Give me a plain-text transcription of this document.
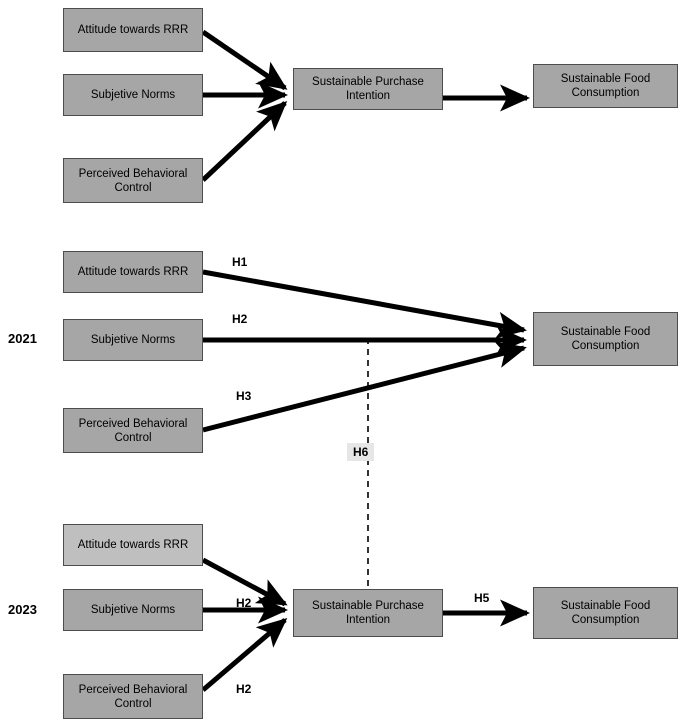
Attitude towards RRR
Subjetive Norms
Perceived Behavioral Control
Sustainable Purchase Intention
Sustainable Food Consumption
2021
Attitude towards RRR
Subjetive Norms
Perceived Behavioral Control
Sustainable Food Consumption
H1
H2
H3
H6
2023
Attitude towards RRR
Subjetive Norms
Perceived Behavioral Control
Sustainable Purchase Intention
Sustainable Food Consumption
H2
H2
H5
